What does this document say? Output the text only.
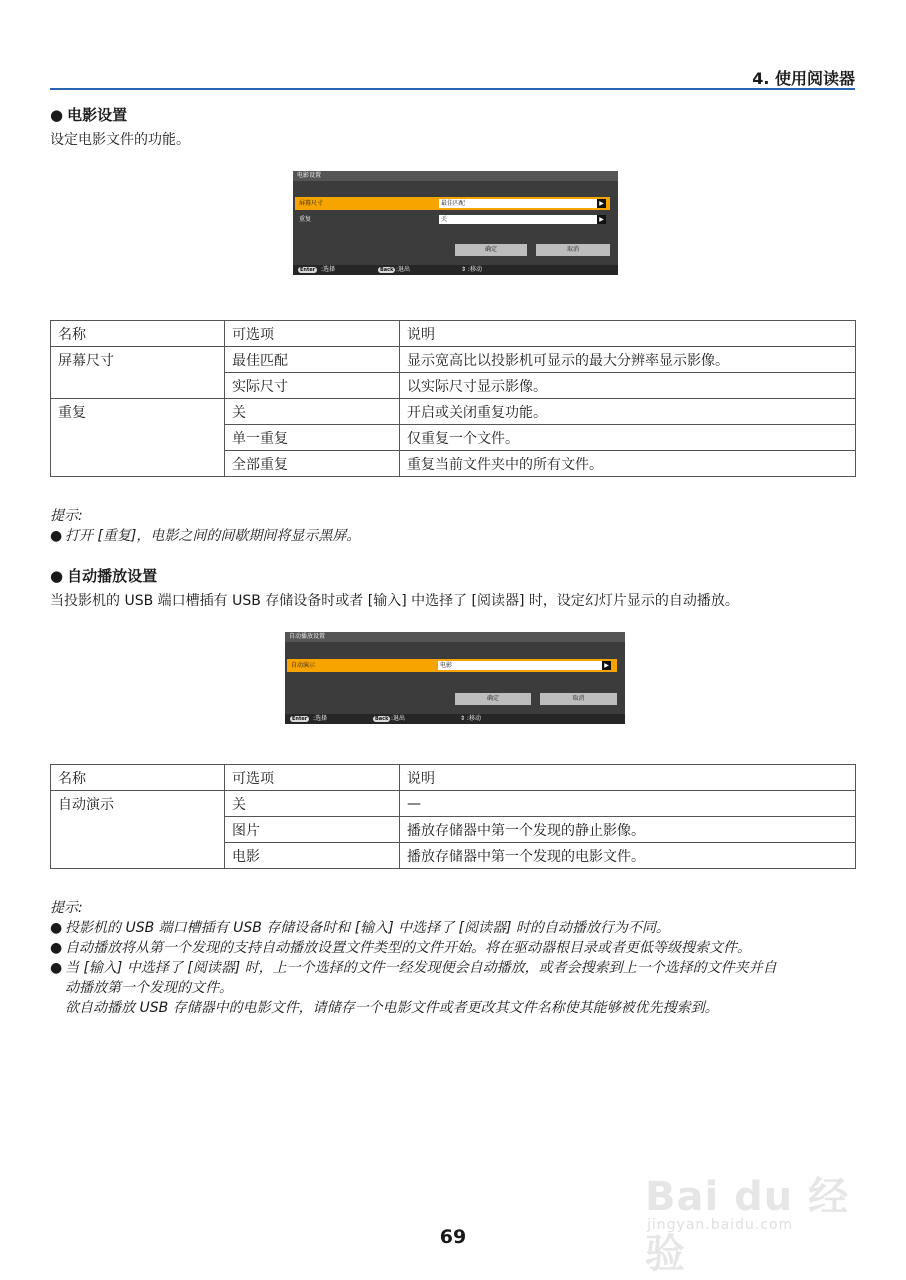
4. 使用阅读器
● 电影设置
设定电影文件的功能。
电影设置
屏幕尺寸	最佳匹配	▶
重复	关	▶
确定	取消
Enter :选择	Back :退出	⇕ :移动
名称	可选项	说明
屏幕尺寸	最佳匹配	显示宽高比以投影机可显示的最大分辨率显示影像。
	实际尺寸	以实际尺寸显示影像。
重复	关	开启或关闭重复功能。
	单一重复	仅重复一个文件。
	全部重复	重复当前文件夹中的所有文件。
提示:
● 打开 [重复]，电影之间的间歇期间将显示黑屏。
● 自动播放设置
当投影机的 USB 端口槽插有 USB 存储设备时或者 [输入] 中选择了 [阅读器] 时，设定幻灯片显示的自动播放。
自动播放设置
自动演示	电影	▶
确定	取消
Enter :选择	Back :退出	⇕ :移动
名称	可选项	说明
自动演示	关	—
	图片	播放存储器中第一个发现的静止影像。
	电影	播放存储器中第一个发现的电影文件。
提示:
● 投影机的 USB 端口槽插有 USB 存储设备时和 [输入] 中选择了 [阅读器] 时的自动播放行为不同。
● 自动播放将从第一个发现的支持自动播放设置文件类型的文件开始。将在驱动器根目录或者更低等级搜索文件。
● 当 [输入] 中选择了 [阅读器] 时，上一个选择的文件一经发现便会自动播放，或者会搜索到上一个选择的文件夹并自
动播放第一个发现的文件。
欲自动播放 USB 存储器中的电影文件，请储存一个电影文件或者更改其文件名称使其能够被优先搜索到。
Bai du 经验
jingyan.baidu.com
69
